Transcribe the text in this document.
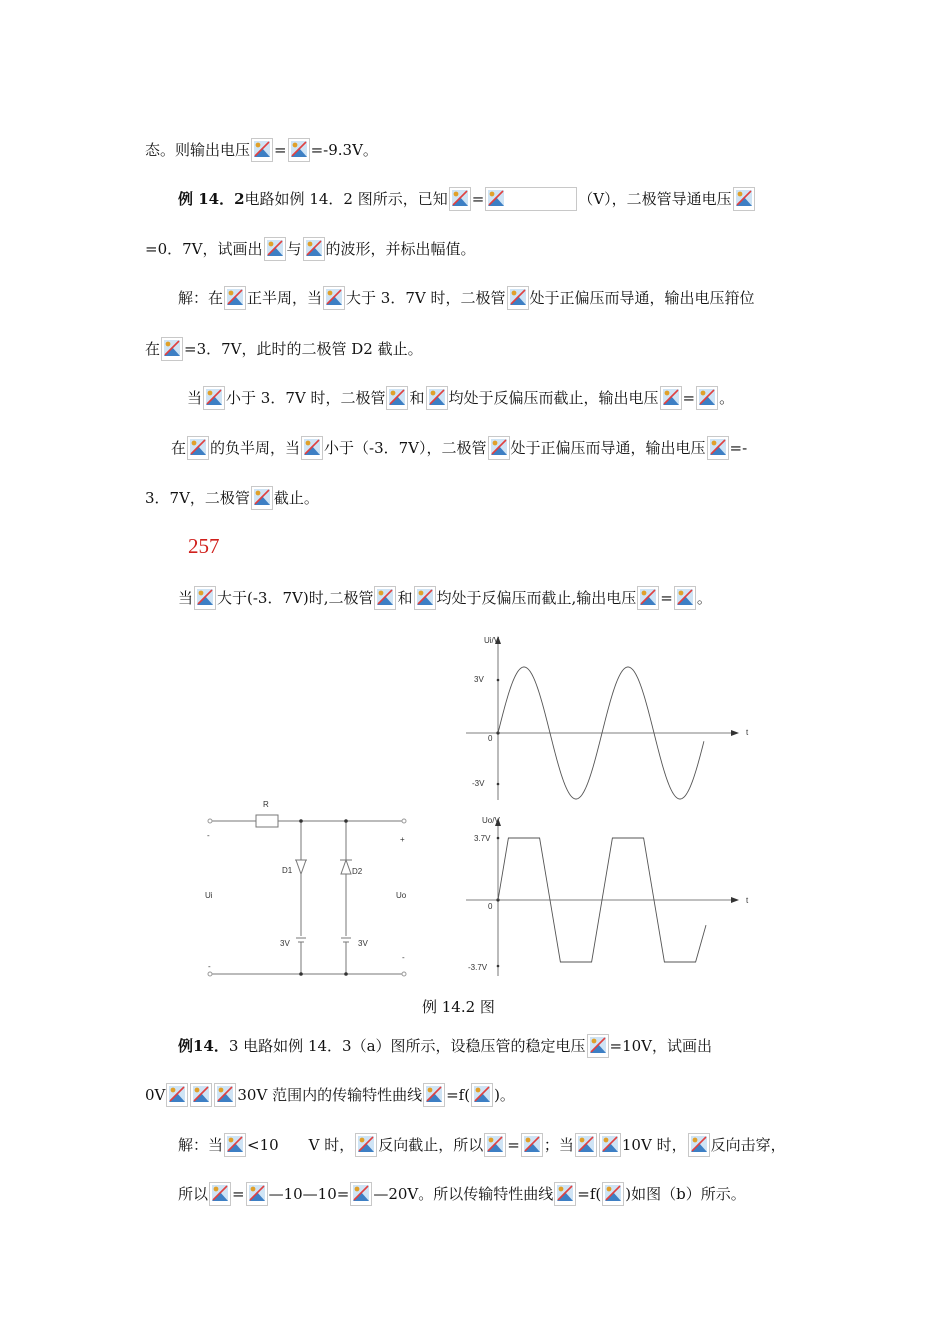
态。则输出电压 = =-9.3V。
例 14．2 电路如例 14．2 图所示，已知 =	（V），二极管导通电压
=0．7V，试画出 与 的波形，并标出幅值。
解：在 正半周，当 大于 3．7V 时，二极管 处于正偏压而导通，输出电压箝位
在 =3．7V，此时的二极管 D2 截止。
当 小于 3．7V 时，二极管 和 均处于反偏压而截止，输出电压 = 。
在 的负半周，当 小于（-3．7V），二极管 处于正偏压而导通，输出电压 =-
3．7V，二极管 截止。
257
当 大于(-3．7V)时,二极管 和 均处于反偏压而截止,输出电压 = 。
R
D1	D2
Ui	Uo
3V	3V
-	+
-
-
Ui/V
t
3V
0
-3V
Uo/V
t
3.7V
0
-3.7V
例 14.2 图
例14． 3 电路如例 14．3（a）图所示，设稳压管的稳定电压 =10V，试画出
0V	30V 范围内的传输特性曲线 =f( )。
解：当 <10　　V 时， 反向截止，所以 = ；当	10V 时， 反向击穿，
所以 = —10—10= —20V。所以传输特性曲线 =f( )如图（b）所示。
